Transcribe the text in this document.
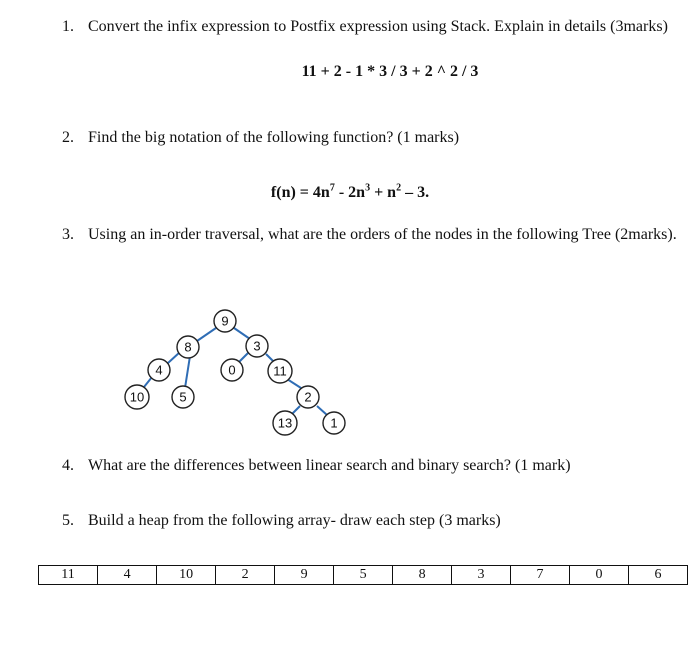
1. Convert the infix expression to Postfix expression using Stack. Explain in details (3marks)
11 + 2 - 1 * 3 / 3 + 2 ^ 2 / 3
2. Find the big notation of the following function? (1 marks)
$f(n) = 4n^7 - 2n^3 + n^2 - 3$.
3. Using an in-order traversal, what are the orders of the nodes in the following Tree (2marks).
9
8	3
4
5
0	11
10	2
13	1
4. What are the differences between linear search and binary search? (1 mark)
5. Build a heap from the following array- draw each step (3 marks)
11	4	10	2	9	5	8	3	7	0	6
